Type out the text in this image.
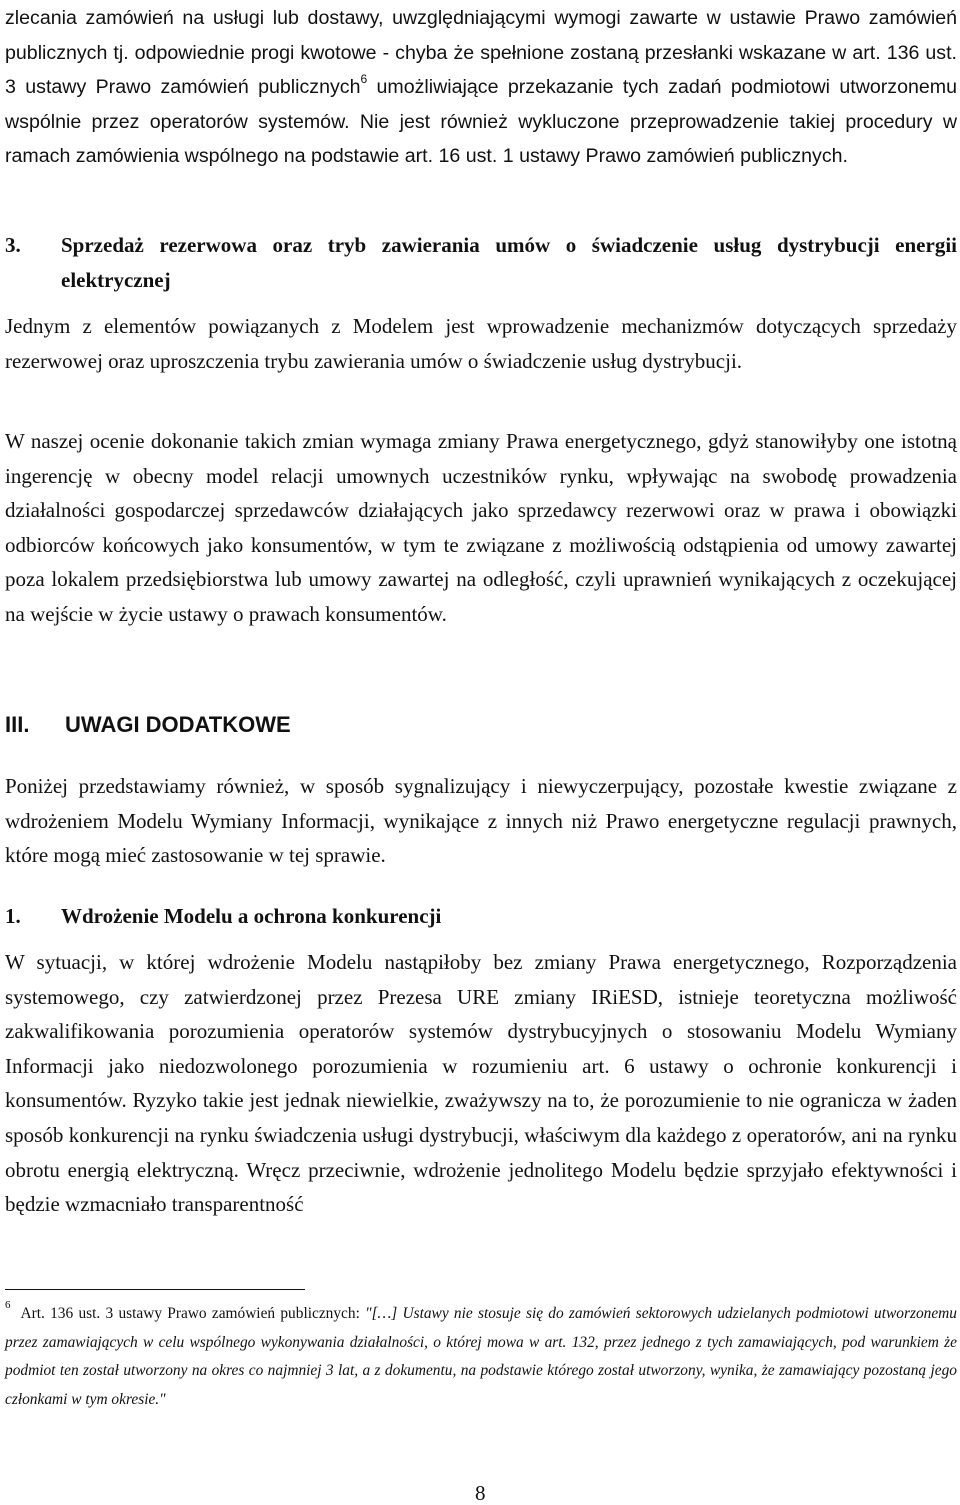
zlecania zamówień na usługi lub dostawy, uwzględniającymi wymogi zawarte w ustawie Prawo zamówień publicznych tj. odpowiednie progi kwotowe - chyba że spełnione zostaną przesłanki wskazane w art. 136 ust. 3 ustawy Prawo zamówień publicznych$^6$ umożliwiające przekazanie tych zadań podmiotowi utworzonemu wspólnie przez operatorów systemów. Nie jest również wykluczone przeprowadzenie takiej procedury w ramach zamówienia wspólnego na podstawie art. 16 ust. 1 ustawy Prawo zamówień publicznych.

3.	Sprzedaż rezerwowa oraz tryb zawierania umów o świadczenie usług dystrybucji energii elektrycznej

Jednym z elementów powiązanych z Modelem jest wprowadzenie mechanizmów dotyczących sprzedaży rezerwowej oraz uproszczenia trybu zawierania umów o świadczenie usług dystrybucji.

W naszej ocenie dokonanie takich zmian wymaga zmiany Prawa energetycznego, gdyż stanowiłyby one istotną ingerencję w obecny model relacji umownych uczestników rynku, wpływając na swobodę prowadzenia działalności gospodarczej sprzedawców działających jako sprzedawcy rezerwowi oraz w prawa i obowiązki odbiorców końcowych jako konsumentów, w tym te związane z możliwością odstąpienia od umowy zawartej poza lokalem przedsiębiorstwa lub umowy zawartej na odległość, czyli uprawnień wynikających z oczekującej na wejście w życie ustawy o prawach konsumentów.

III. UWAGI DODATKOWE

Poniżej przedstawiamy również, w sposób sygnalizujący i niewyczerpujący, pozostałe kwestie związane z wdrożeniem Modelu Wymiany Informacji, wynikające z innych niż Prawo energetyczne regulacji prawnych, które mogą mieć zastosowanie w tej sprawie.

1. Wdrożenie Modelu a ochrona konkurencji

W sytuacji, w której wdrożenie Modelu nastąpiłoby bez zmiany Prawa energetycznego, Rozporządzenia systemowego, czy zatwierdzonej przez Prezesa URE zmiany IRiESD, istnieje teoretyczna możliwość zakwalifikowania porozumienia operatorów systemów dystrybucyjnych o stosowaniu Modelu Wymiany Informacji jako niedozwolonego porozumienia w rozumieniu art. 6 ustawy o ochronie konkurencji i konsumentów. Ryzyko takie jest jednak niewielkie, zważywszy na to, że porozumienie to nie ogranicza w żaden sposób konkurencji na rynku świadczenia usługi dystrybucji, właściwym dla każdego z operatorów, ani na rynku obrotu energią elektryczną. Wręcz przeciwnie, wdrożenie jednolitego Modelu będzie sprzyjało efektywności i będzie wzmacniało transparentność

$^6$Art. 136 ust. 3 ustawy Prawo zamówień publicznych: "[…] Ustawy nie stosuje się do zamówień sektorowych udzielanych podmiotowi utworzonemu przez zamawiających w celu wspólnego wykonywania działalności, o której mowa w art. 132, przez jednego z tych zamawiających, pod warunkiem że podmiot ten został utworzony na okres co najmniej 3 lat, a z dokumentu, na podstawie którego został utworzony, wynika, że zamawiający pozostaną jego członkami w tym okresie."

8
